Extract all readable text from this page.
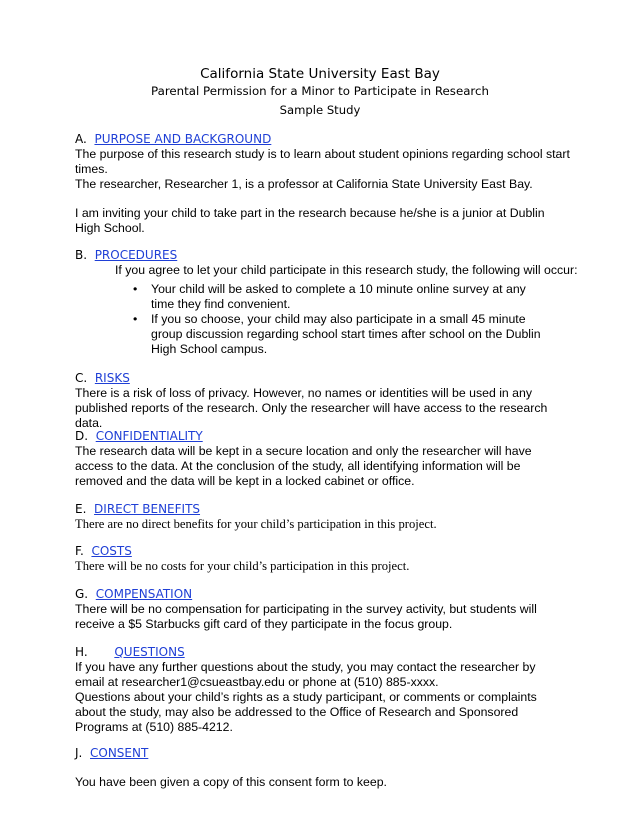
California State University East Bay
Parental Permission for a Minor to Participate in Research
Sample Study
A. PURPOSE AND BACKGROUND

The purpose of this research study is to learn about student opinions regarding school start times.

The researcher, Researcher 1, is a professor at California State University East Bay.

I am inviting your child to take part in the research because he/she is a junior at Dublin High School.

B. PROCEDURES

If you agree to let your child participate in this research study, the following will occur:

• Your child will be asked to complete a 10 minute online survey at any time they find convenient.
• If you so choose, your child may also participate in a small 45 minute group discussion regarding school start times after school on the Dublin High School campus.
C. RISKS

There is a risk of loss of privacy. However, no names or identities will be used in any published reports of the research. Only the researcher will have access to the research data.

D. CONFIDENTIALITY

The research data will be kept in a secure location and only the researcher will have access to the data. At the conclusion of the study, all identifying information will be removed and the data will be kept in a locked cabinet or office.

E. DIRECT BENEFITS

There are no direct benefits for your child’s participation in this project.

F. COSTS

There will be no costs for your child’s participation in this project.

G. COMPENSATION

There will be no compensation for participating in the survey activity, but students will receive a $5 Starbucks gift card of they participate in the focus group.

H. QUESTIONS

If you have any further questions about the study, you may contact the researcher by email at researcher1@csueastbay.edu or phone at (510) 885-xxxx.

Questions about your child’s rights as a study participant, or comments or complaints about the study, may also be addressed to the Office of Research and Sponsored Programs at (510) 885-4212.

J. CONSENT

You have been given a copy of this consent form to keep.
